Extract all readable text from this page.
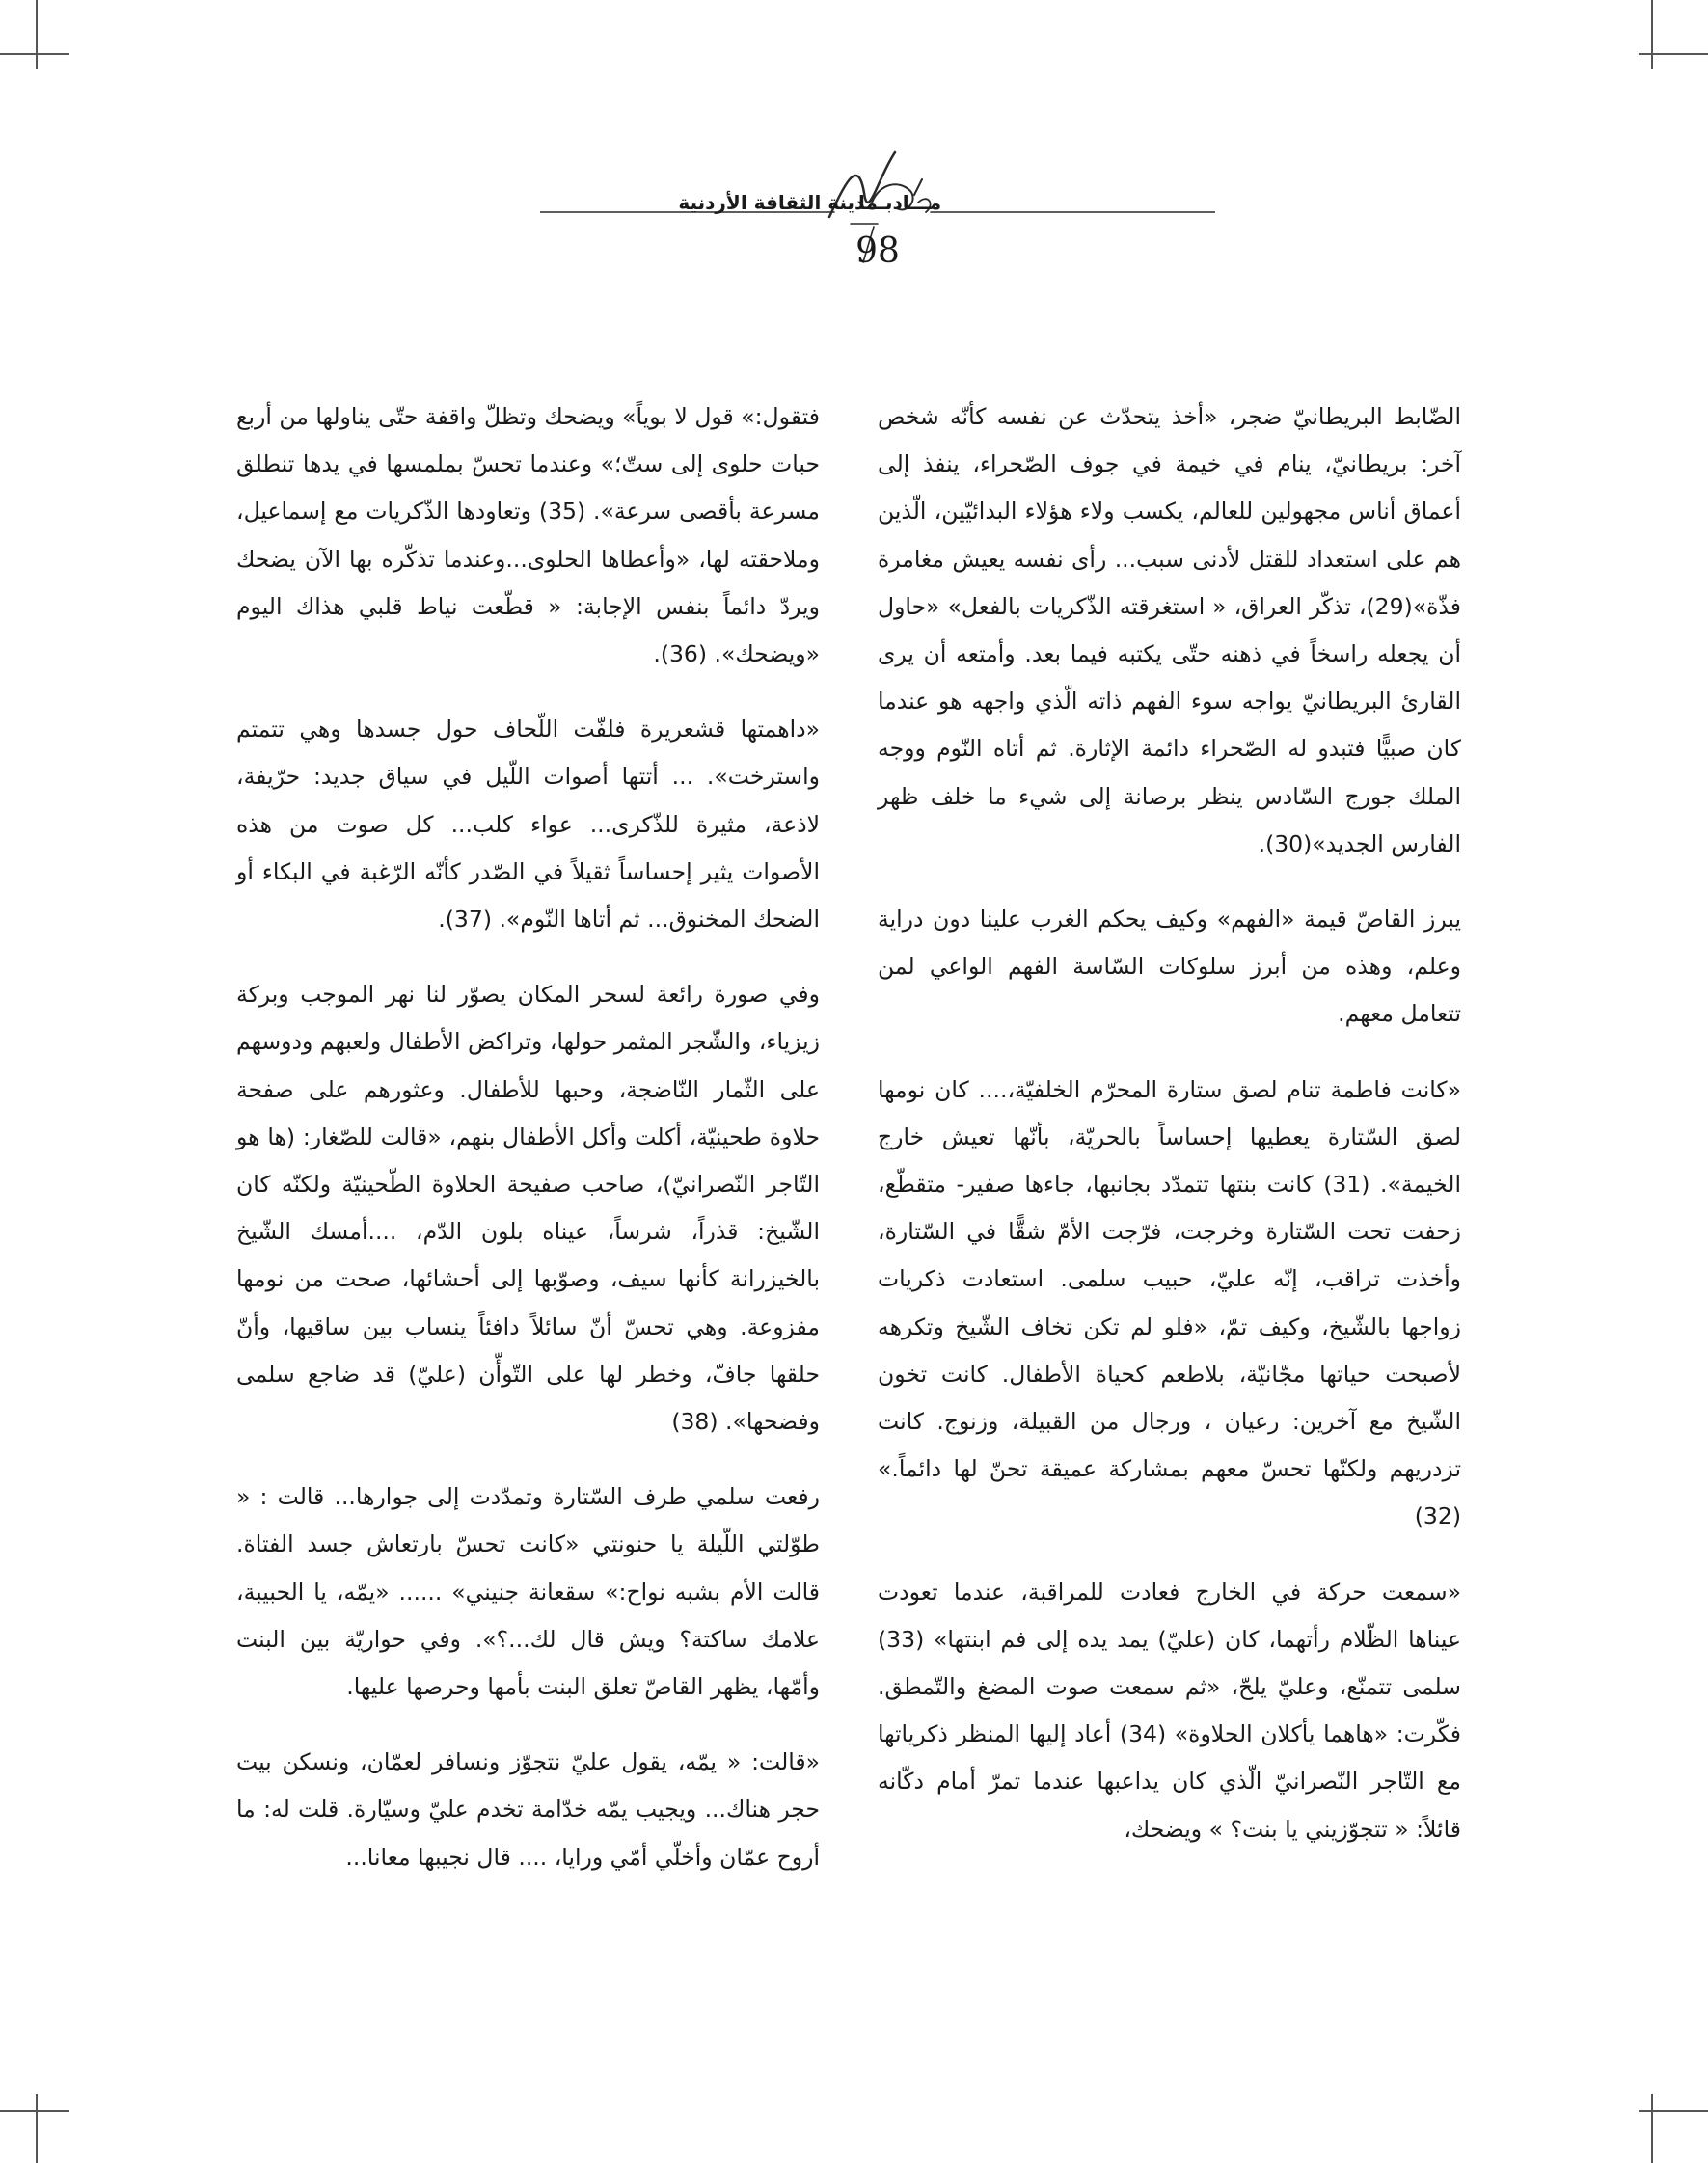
مدينة الثقافة الأردنية
مـــادبـــا
98

الضّابط البريطانيّ ضجر، «أخذ يتحدّث عن نفسه كأنّه شخص آخر: بريطانيّ، ينام في خيمة في جوف الصّحراء، ينفذ إلى أعماق أناس مجهولين للعالم، يكسب ولاء هؤلاء البدائيّين، الّذين هم على استعداد للقتل لأدنى سبب... رأى نفسه يعيش مغامرة فذّة»(29)، تذكّر العراق، « استغرقته الذّكريات بالفعل» «حاول أن يجعله راسخاً في ذهنه حتّى يكتبه فيما بعد. وأمتعه أن يرى القارئ البريطانيّ يواجه سوء الفهم ذاته الّذي واجهه هو عندما كان صبيًّا فتبدو له الصّحراء دائمة الإثارة. ثم أتاه النّوم ووجه الملك جورج السّادس ينظر برصانة إلى شيء ما خلف ظهر الفارس الجديد»(30).

يبرز القاصّ قيمة «الفهم» وكيف يحكم الغرب علينا دون دراية وعلم، وهذه من أبرز سلوكات السّاسة الفهم الواعي لمن تتعامل معهم.

«كانت فاطمة تنام لصق ستارة المحرّم الخلفيّة،.... كان نومها لصق السّتارة يعطيها إحساساً بالحريّة، بأنّها تعيش خارج الخيمة». (31) كانت بنتها تتمدّد بجانبها، جاءها صفير- متقطّع، زحفت تحت السّتارة وخرجت، فرّجت الأمّ شقًّا في السّتارة، وأخذت تراقب، إنّه عليّ، حبيب سلمى. استعادت ذكريات زواجها بالشّيخ، وكيف تمّ، «فلو لم تكن تخاف الشّيخ وتكرهه لأصبحت حياتها مجّانيّة، بلاطعم كحياة الأطفال. كانت تخون الشّيخ مع آخرين: رعيان ، ورجال من القبيلة، وزنوج. كانت تزدريهم ولكنّها تحسّ معهم بمشاركة عميقة تحنّ لها دائماً.» (32)

«سمعت حركة في الخارج فعادت للمراقبة، عندما تعودت عيناها الظّلام رأتهما، كان (عليّ) يمد يده إلى فم ابنتها» (33) سلمى تتمنّع، وعليّ يلحّ، «ثم سمعت صوت المضغ والتّمطق. فكّرت: «هاهما يأكلان الحلاوة» (34) أعاد إليها المنظر ذكرياتها مع التّاجر النّصرانيّ الّذي كان يداعبها عندما تمرّ أمام دكّانه قائلاً: « تتجوّزيني يا بنت؟ » ويضحك،

فتقول:» قول لا بوياً» ويضحك وتظلّ واقفة حتّى يناولها من أربع حبات حلوى إلى ستّ؛» وعندما تحسّ بملمسها في يدها تنطلق مسرعة بأقصى سرعة». (35) وتعاودها الذّكريات مع إسماعيل، وملاحقته لها، «وأعطاها الحلوى...وعندما تذكّره بها الآن يضحك ويردّ دائماً بنفس الإجابة: « قطّعت نياط قلبي هذاك اليوم «ويضحك». (36).

«داهمتها قشعريرة فلفّت اللّحاف حول جسدها وهي تتمتم واسترخت». ... أتتها أصوات اللّيل في سياق جديد: حرّيفة، لاذعة، مثيرة للذّكرى... عواء كلب... كل صوت من هذه الأصوات يثير إحساساً ثقيلاً في الصّدر كأنّه الرّغبة في البكاء أو الضحك المخنوق... ثم أتاها النّوم». (37).

وفي صورة رائعة لسحر المكان يصوّر لنا نهر الموجب وبركة زيزياء، والشّجر المثمر حولها، وتراكض الأطفال ولعبهم ودوسهم على الثّمار النّاضجة، وحبها للأطفال. وعثورهم على صفحة حلاوة طحينيّة، أكلت وأكل الأطفال بنهم، «قالت للصّغار: (ها هو التّاجر النّصرانيّ)، صاحب صفيحة الحلاوة الطّحينيّة ولكنّه كان الشّيخ: قذراً، شرساً، عيناه بلون الدّم، ....أمسك الشّيخ بالخيزرانة كأنها سيف، وصوّبها إلى أحشائها، صحت من نومها مفزوعة. وهي تحسّ أنّ سائلاً دافئاً ينساب بين ساقيها، وأنّ حلقها جافّ، وخطر لها على التّوأّن (عليّ) قد ضاجع سلمى وفضحها». (38)

رفعت سلمي طرف السّتارة وتمدّدت إلى جوارها... قالت : « طوّلتي اللّيلة يا حنونتي «كانت تحسّ بارتعاش جسد الفتاة. قالت الأم بشبه نواح:» سقعانة جنيني» ...... «يمّه، يا الحبيبة، علامك ساكتة؟ ويش قال لك...؟». وفي حواريّة بين البنت وأمّها، يظهر القاصّ تعلق البنت بأمها وحرصها عليها.

«قالت: « يمّه، يقول عليّ نتجوّز ونسافر لعمّان، ونسكن بيت حجر هناك... ويجيب يمّه خدّامة تخدم عليّ وسيّارة. قلت له: ما أروح عمّان وأخلّي أمّي ورايا، .... قال نجيبها معانا...
